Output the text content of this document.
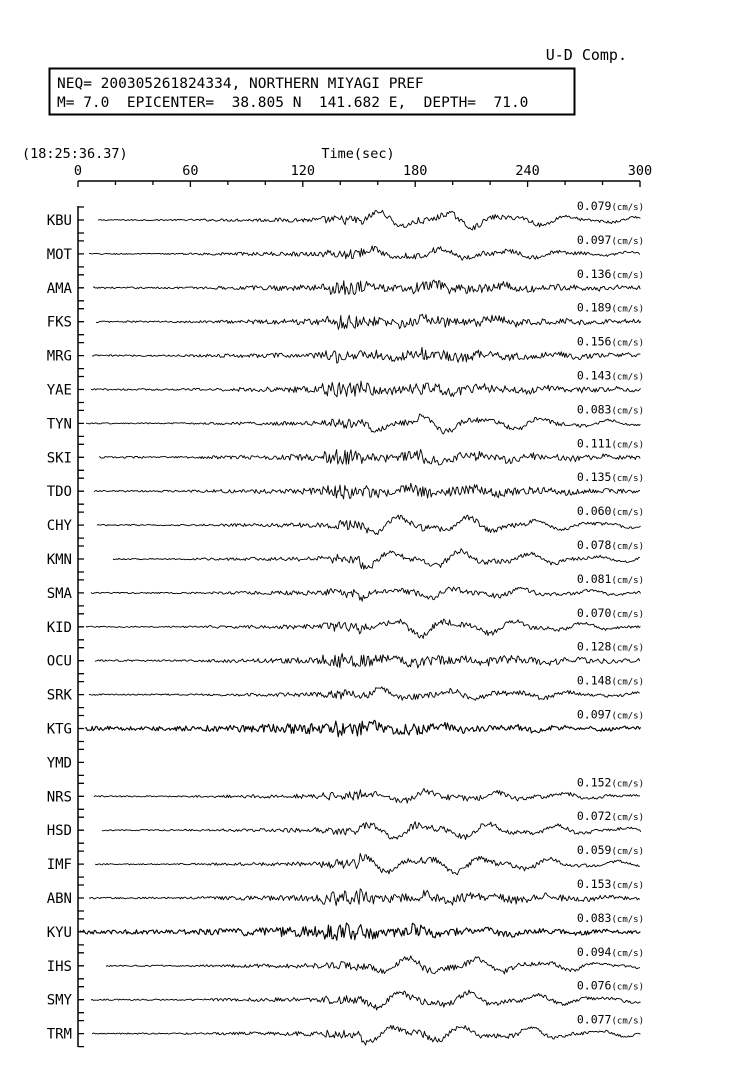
U-D Comp.
NEQ= 200305261824334, NORTHERN MIYAGI PREF
M= 7.0  EPICENTER=  38.805 N  141.682 E,  DEPTH=  71.0
(18:25:36.37)	Time(sec)
0	60	120	180	240	300
KBU
0.079(cm/s)
MOT
0.097(cm/s)
AMA
0.136(cm/s)
FKS
0.189(cm/s)
MRG
0.156(cm/s)
YAE
0.143(cm/s)
TYN
0.083(cm/s)
SKI
0.111(cm/s)
TDO
0.135(cm/s)
CHY
0.060(cm/s)
KMN
0.078(cm/s)
SMA
0.081(cm/s)
KID
0.070(cm/s)
OCU
0.128(cm/s)
SRK
0.148(cm/s)
KTG
0.097(cm/s)
YMD
NRS
0.152(cm/s)
HSD
0.072(cm/s)
IMF
0.059(cm/s)
ABN
0.153(cm/s)
KYU
0.083(cm/s)
IHS
0.094(cm/s)
SMY
0.076(cm/s)
TRM
0.077(cm/s)
